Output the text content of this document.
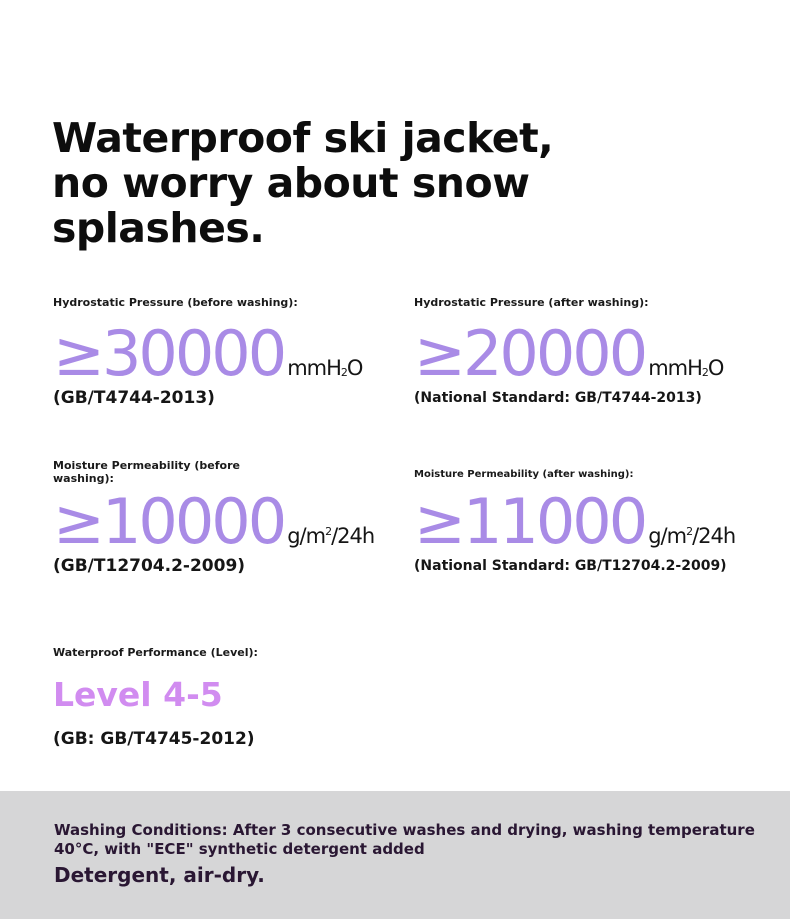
Waterproof ski jacket, no worry about snow splashes.
Hydrostatic Pressure (before washing):
≥30000 mmH$_2$O
(GB/T4744-2013)
Hydrostatic Pressure (after washing):
≥20000 mmH$_2$O
(National Standard: GB/T4744-2013)
Moisture Permeability (before washing):
≥10000 $g/m^2/24h$
(GB/T12704.2-2009)
Moisture Permeability (after washing):
≥11000 $g/m^2/24h$
(National Standard: GB/T12704.2-2009)
Waterproof Performance (Level):
Level 4-5
(GB: GB/T4745-2012)
Washing Conditions: After 3 consecutive washes and drying, washing temperature 40°C, with "ECE" synthetic detergent added
Detergent, air-dry.
